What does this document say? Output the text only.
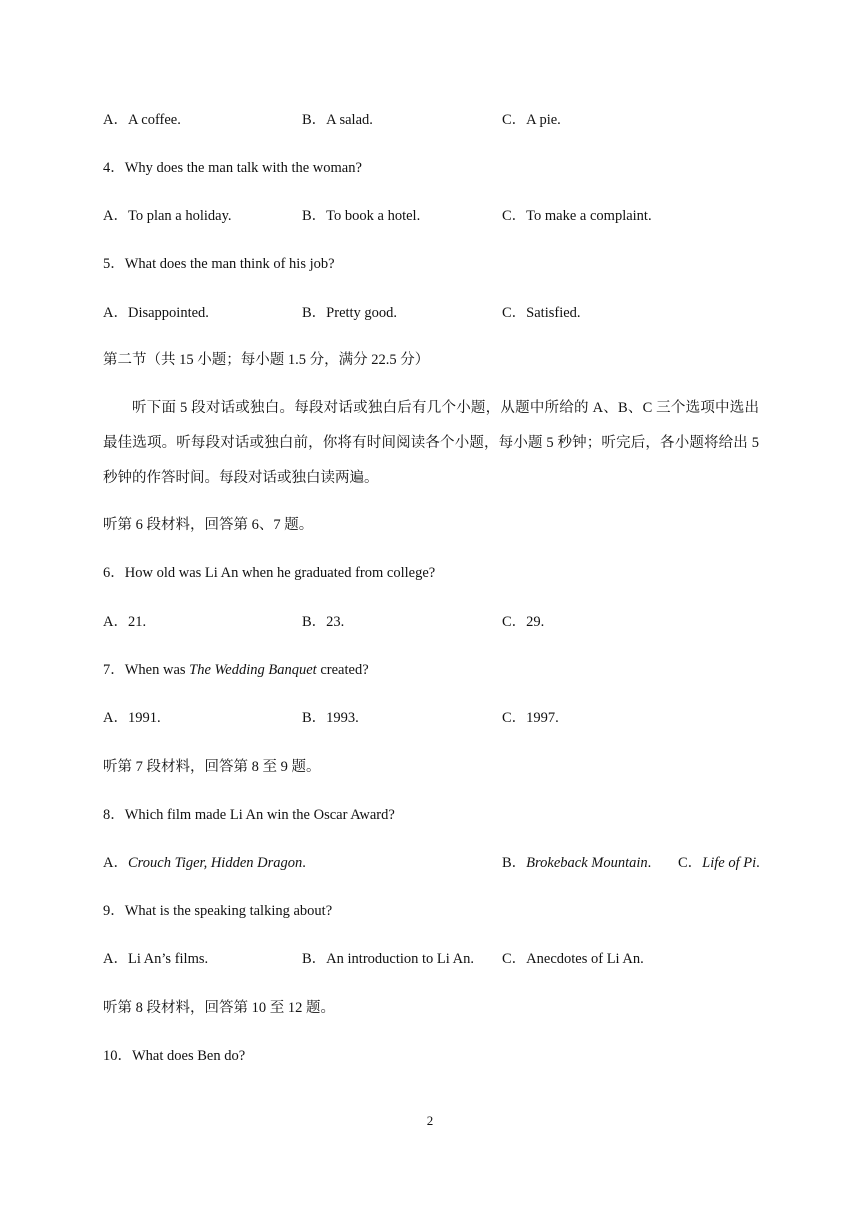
A．A coffee.	B．A salad.	C．A pie.
4．Why does the man talk with the woman?
A．To plan a holiday.	B．To book a hotel.	C．To make a complaint.
5．What does the man think of his job?
A．Disappointed.	B．Pretty good.	C．Satisfied.
第二节（共 15 小题；每小题 1.5 分，满分 22.5 分）
听下面 5 段对话或独白。每段对话或独白后有几个小题，从题中所给的 A、B、C 三个选项中选出最佳选项。听每段对话或独白前，你将有时间阅读各个小题，每小题 5 秒钟；听完后，各小题将给出 5 秒钟的作答时间。每段对话或独白读两遍。
听第 6 段材料，回答第 6、7 题。
6．How old was Li An when he graduated from college?
A．21.	B．23.	C．29.
7．When was The Wedding Banquet created?
A．1991.	B．1993.	C．1997.
听第 7 段材料，回答第 8 至 9 题。
8．Which film made Li An win the Oscar Award?
A．Crouch Tiger, Hidden Dragon.	B．Brokeback Mountain. C．Life of Pi.
9．What is the speaking talking about?
A．Li An’s films.	B．An introduction to Li An. C．Anecdotes of Li An.
听第 8 段材料，回答第 10 至 12 题。
10．What does Ben do?
2
